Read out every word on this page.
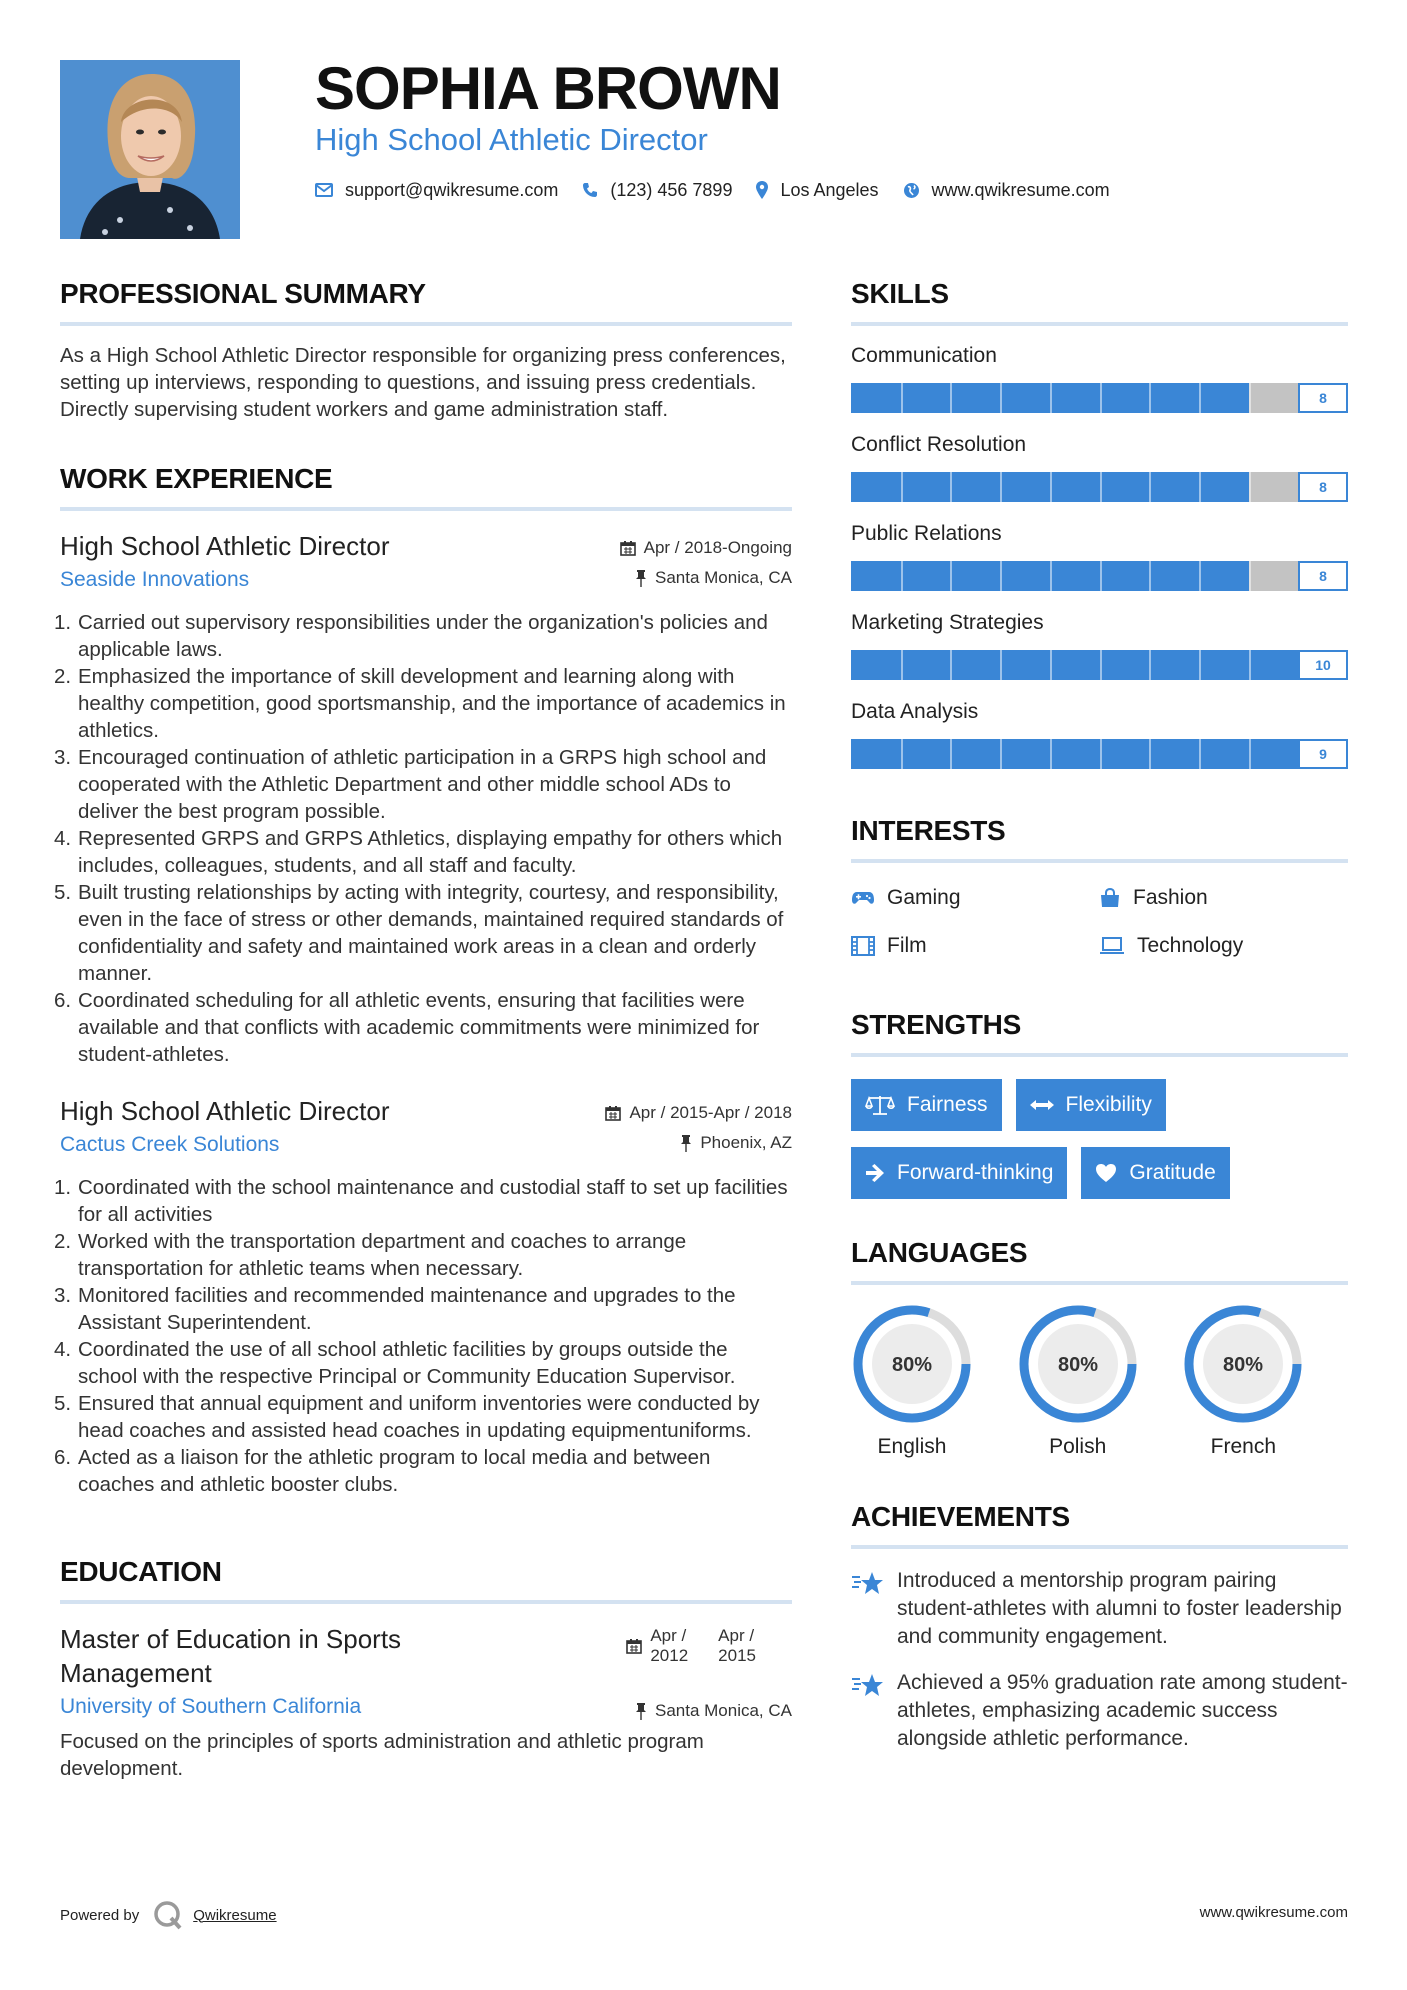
SOPHIA BROWN
High School Athletic Director
support@qwikresume.com	(123) 456 7899	Los Angeles	www.qwikresume.com
PROFESSIONAL SUMMARY

As a High School Athletic Director responsible for organizing press conferences, setting up interviews, responding to questions, and issuing press credentials. Directly supervising student workers and game administration staff.

WORK EXPERIENCE
High School Athletic Director
Seaside Innovations
Apr / 2018-Ongoing
Santa Monica, CA
1. Carried out supervisory responsibilities under the organization's policies and applicable laws.
2. Emphasized the importance of skill development and learning along with healthy competition, good sportsmanship, and the importance of academics in athletics.
3. Encouraged continuation of athletic participation in a GRPS high school and cooperated with the Athletic Department and other middle school ADs to deliver the best program possible.
4. Represented GRPS and GRPS Athletics, displaying empathy for others which includes, colleagues, students, and all staff and faculty.
5. Built trusting relationships by acting with integrity, courtesy, and responsibility, even in the face of stress or other demands, maintained required standards of confidentiality and safety and maintained work areas in a clean and orderly manner.
6. Coordinated scheduling for all athletic events, ensuring that facilities were available and that conflicts with academic commitments were minimized for student-athletes.
High School Athletic Director
Cactus Creek Solutions
Apr / 2015-Apr / 2018
Phoenix, AZ
1. Coordinated with the school maintenance and custodial staff to set up facilities for all activities
2. Worked with the transportation department and coaches to arrange transportation for athletic teams when necessary.
3. Monitored facilities and recommended maintenance and upgrades to the Assistant Superintendent.
4. Coordinated the use of all school athletic facilities by groups outside the school with the respective Principal or Community Education Supervisor.
5. Ensured that annual equipment and uniform inventories were conducted by head coaches and assisted head coaches in updating equipmentuniforms.
6. Acted as a liaison for the athletic program to local media and between coaches and athletic booster clubs.
EDUCATION
Master of Education in Sports
Management
University of Southern California
Apr /
2012
Apr /
2015
Santa Monica, CA

Focused on the principles of sports administration and athletic program development.

SKILLS
Communication
8
Conflict Resolution
8
Public Relations
8
Marketing Strategies
10
Data Analysis
9
INTERESTS
Gaming	Fashion
Film	Technology
STRENGTHS
Fairness	Flexibility
Forward-thinking	Gratitude
LANGUAGES
80%
English
80%
Polish
80%
French
ACHIEVEMENTS
Introduced a mentorship program pairing student-athletes with alumni to foster leadership and community engagement.
Achieved a 95% graduation rate among student-athletes, emphasizing academic success alongside athletic performance.
Powered by	Qwikresume	www.qwikresume.com
